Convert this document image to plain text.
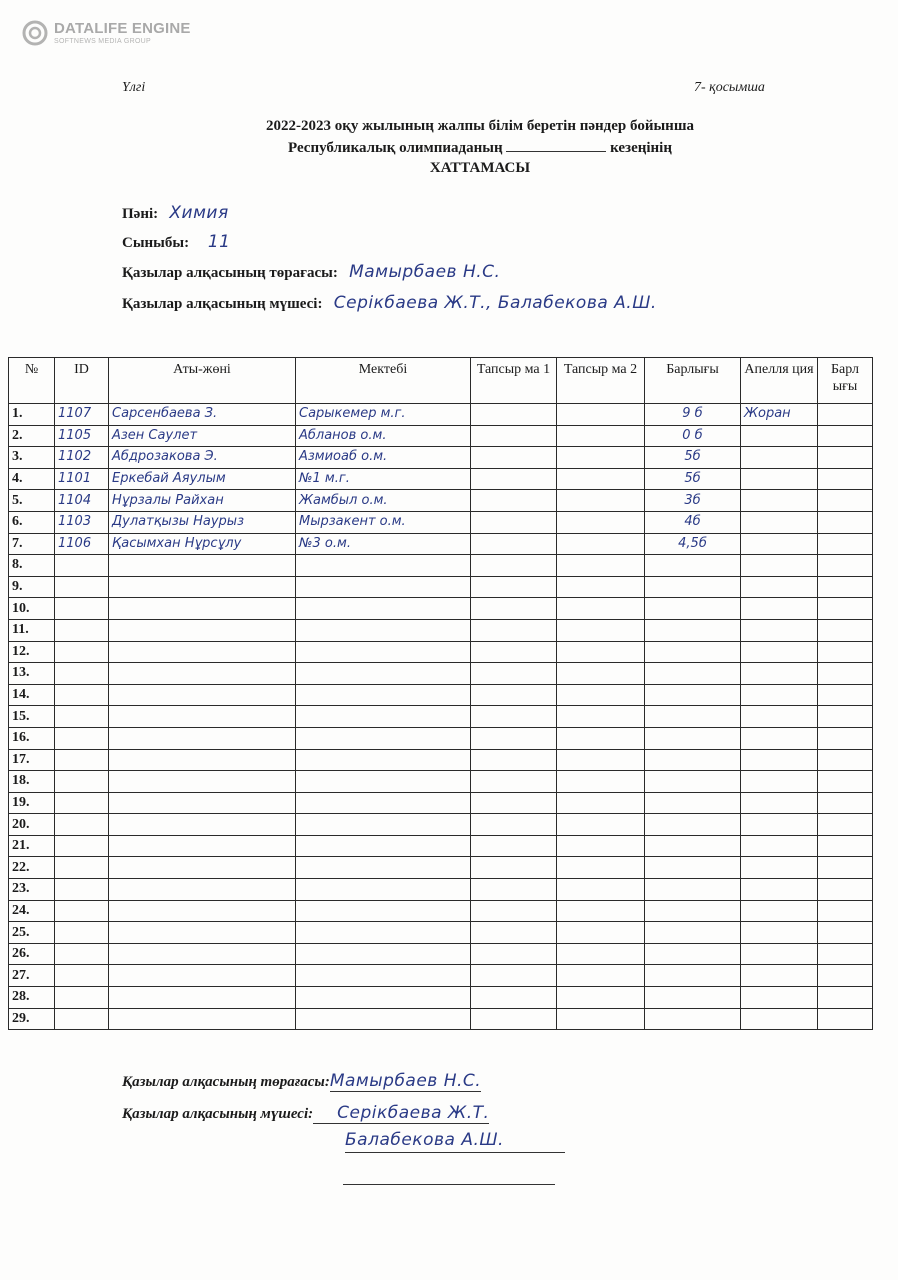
DATALIFE ENGINE
SOFTNEWS MEDIA GROUP
Үлгі	7- қосымша
2022-2023 оқу жылының жалпы білім беретін пәндер бойынша
Республикалық олимпиаданың	кезеңінің
ХАТТАМАСЫ
Пәні: Химия
Сыныбы: 11
Қазылар алқасының төрағасы: Мамырбаев Н.С.
Қазылар алқасының мүшесі: Серікбаева Ж.Т., Балабекова А.Ш.
№	ID	Аты-жөні	Мектебі	Тапсыр ма 1	Тапсыр ма 2	Барлығы	Апелля ция	Барл ығы
1.	1107	Сарсенбаева З.	Сарыкемер м.г.			9 б	Жоран	
2.	1105	Азен Саулет	Абланов о.м.			0 б		
3.	1102	Абдрозакова Э.	Азмиоаб о.м.			5б		
4.	1101	Еркебай Аяулым	№1 м.г.			5б		
5.	1104	Нұрзалы Райхан	Жамбыл о.м.			3б		
6.	1103	Дулатқызы Наурыз	Мырзакент о.м.			4б		
7.	1106	Қасымхан Нұрсұлу	№3 о.м.			4,5б		
8.								
9.								
10.								
11.								
12.								
13.								
14.								
15.								
16.								
17.								
18.								
19.								
20.								
21.								
22.								
23.								
24.								
25.								
26.								
27.								
28.								
29.								
Қазылар алқасының төрағасы:Мамырбаев Н.С.
Қазылар алқасының мүшесі: Серікбаева Ж.Т.
Балабекова А.Ш.
